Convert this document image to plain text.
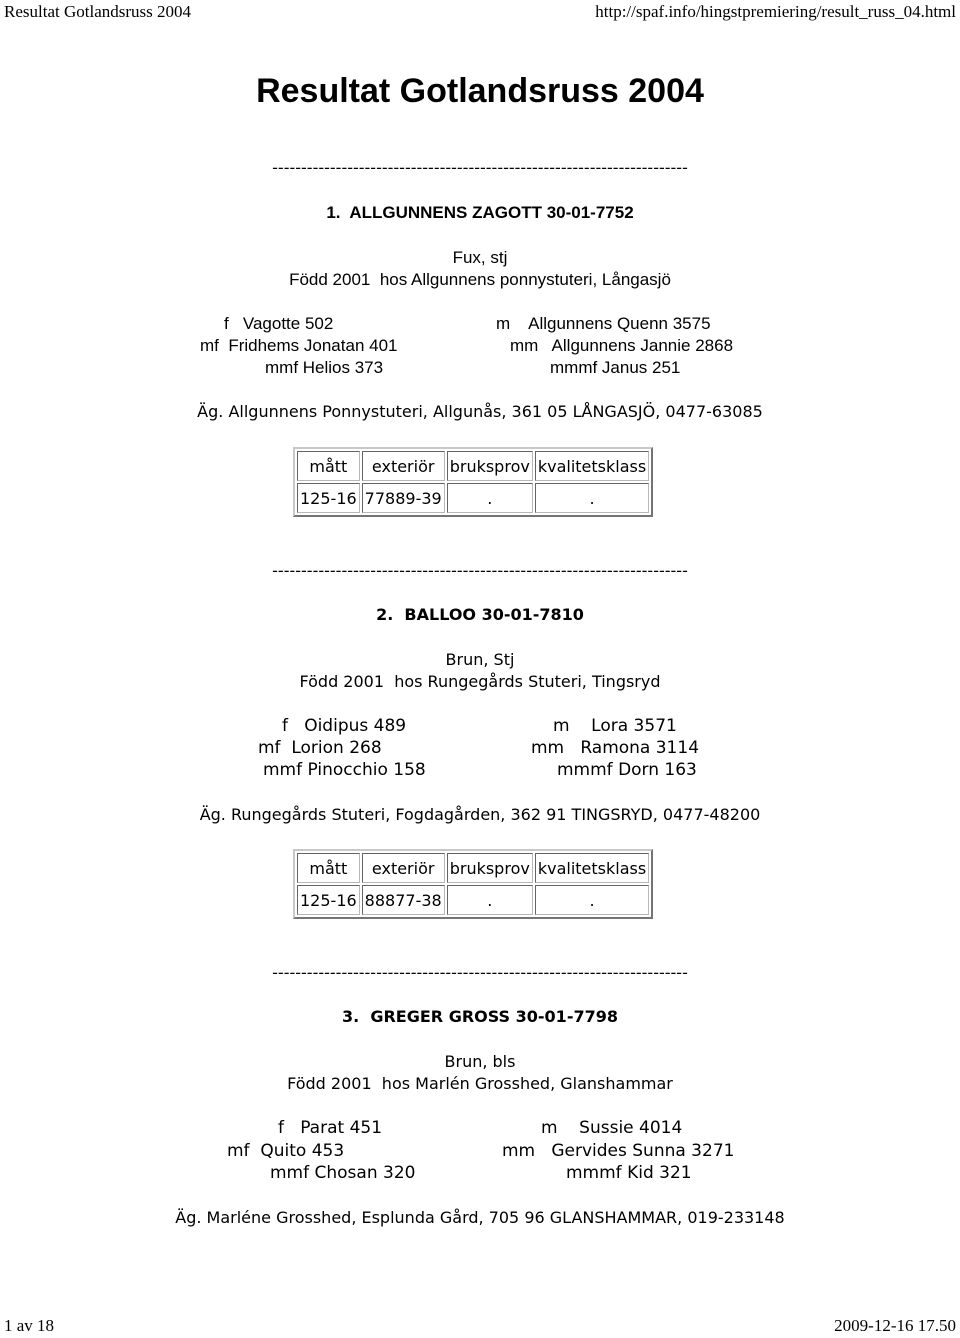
Resultat Gotlandsruss 2004	http://spaf.info/hingstpremiering/result_russ_04.html
Resultat Gotlandsruss 2004
------------------------------------------------------------------------
1.  ALLGUNNENS ZAGOTT 30-01-7752
Fux, stj
Född 2001  hos Allgunnens ponnystuteri, Långasjö
f   Vagotte 502	m    Allgunnens Quenn 3575
mf  Fridhems Jonatan 401	mm   Allgunnens Jannie 2868
mmf Helios 373	mmmf Janus 251
Äg. Allgunnens Ponnystuteri, Allgunås, 361 05 LÅNGASJÖ, 0477-63085
mått	exteriör	bruksprov	kvalitetsklass
125-16	77889-39	.	.
------------------------------------------------------------------------
2.  BALLOO 30-01-7810
Brun, Stj
Född 2001  hos Rungegårds Stuteri, Tingsryd
f   Oidipus 489	m    Lora 3571
mf  Lorion 268	mm   Ramona 3114
mmf Pinocchio 158	mmmf Dorn 163
Äg. Rungegårds Stuteri, Fogdagården, 362 91 TINGSRYD, 0477-48200
mått	exteriör	bruksprov	kvalitetsklass
125-16	88877-38	.	.
------------------------------------------------------------------------
3.  GREGER GROSS 30-01-7798
Brun, bls
Född 2001  hos Marlén Grosshed, Glanshammar
f   Parat 451	m    Sussie 4014
mf  Quito 453	mm   Gervides Sunna 3271
mmf Chosan 320	mmmf Kid 321
Äg. Marléne Grosshed, Esplunda Gård, 705 96 GLANSHAMMAR, 019-233148
1 av 18	2009-12-16 17.50
